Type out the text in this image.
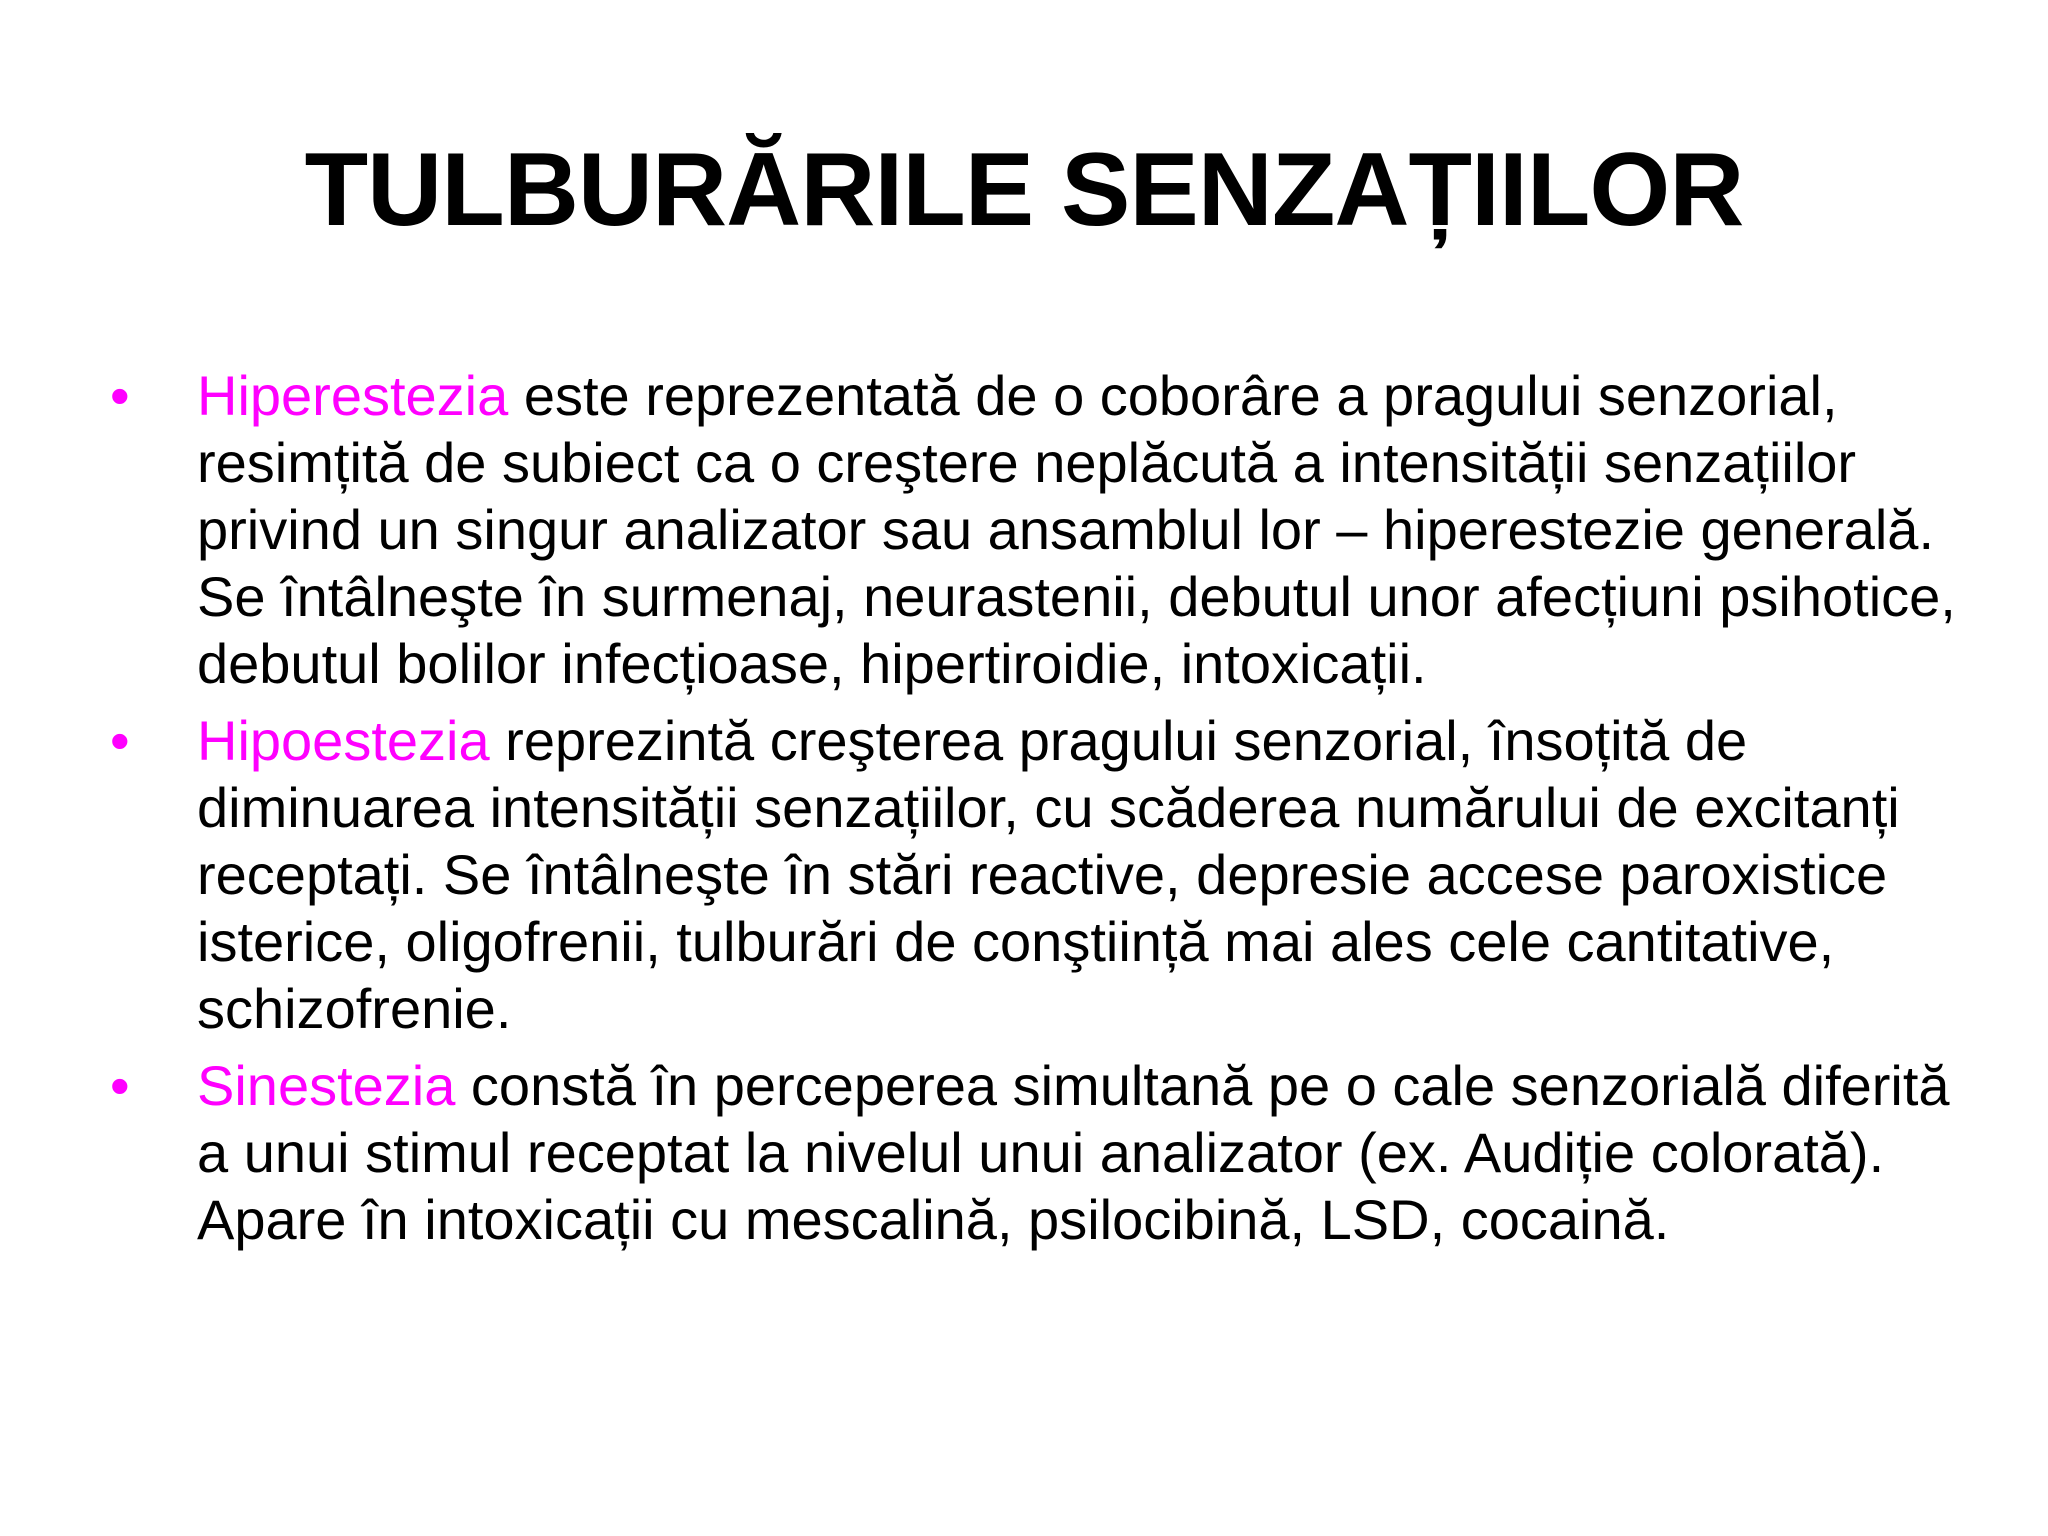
TULBURĂRILE SENZAȚIILOR
•	Hiperestezia este reprezentată de o coborâre a pragului senzorial, resimțită de subiect ca o creştere neplăcută a intensității senzațiilor privind un singur analizator sau ansamblul lor – hiperestezie generală. Se întâlneşte în surmenaj, neurastenii, debutul unor afecțiuni psihotice, debutul bolilor infecțioase, hipertiroidie, intoxicații.
•	Hipoestezia reprezintă creşterea pragului senzorial, însoțită de diminuarea intensității senzațiilor, cu scăderea numărului de excitanți receptați. Se întâlneşte în stări reactive, depresie accese paroxistice isterice, oligofrenii, tulburări de conştiință mai ales cele cantitative, schizofrenie.
•	Sinestezia constă în perceperea simultană pe o cale senzorială diferită a unui stimul receptat la nivelul unui analizator (ex. Audiție colorată). Apare în intoxicații cu mescalină, psilocibină, LSD, cocaină.
